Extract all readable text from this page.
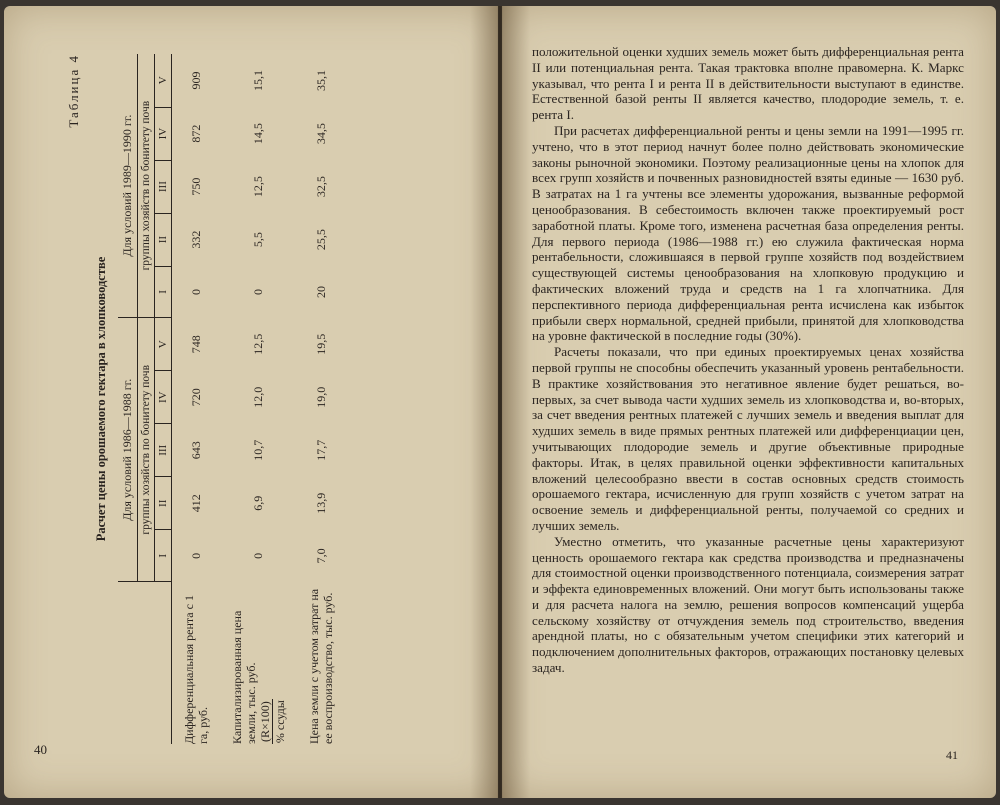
Таблица 4
Расчет цены орошаемого гектара в хлопководстве
	Для условий 1986—1988 гг.					Для условий 1989—1990 гг.				
	группы хозяйств по бонитету почв					группы хозяйств по бонитету почв				
	I	II	III	IV	V	I	II	III	IV	V
Дифференциальная рента с 1 га, руб.	0	412	643	720	748	0	332	750	872	909
Капитализированная цена земли, тыс. руб. (R×100) % ссуды	0	6,9	10,7	12,0	12,5	0	5,5	12,5	14,5	15,1
Цена земли с учетом затрат на ее воспроизводство, тыс. руб.	7,0	13,9	17,7	19,0	19,5	20	25,5	32,5	34,5	35,1
40

положительной оценки худших земель может быть дифференциальная рента II или потенциальная рента. Такая трактовка вполне правомерна. К. Маркс указывал, что рента I и рента II в действительности выступают в единстве. Естественной базой ренты II является качество, плодородие земель, т. е. рента I.

При расчетах дифференциальной ренты и цены земли на 1991—1995 гг. учтено, что в этот период начнут более полно действовать экономические законы рыночной экономики. Поэтому реализационные цены на хлопок для всех групп хозяйств и почвенных разновидностей взяты единые — 1630 руб. В затратах на 1 га учтены все элементы удорожания, вызванные реформой ценообразования. В себестоимость включен также проектируемый рост заработной платы. Кроме того, изменена расчетная база определения ренты. Для первого периода (1986—1988 гг.) ею служила фактическая норма рентабельности, сложившаяся в первой группе хозяйств под воздействием существующей системы ценообразования на хлопковую продукцию и фактических вложений труда и средств на 1 га хлопчатника. Для перспективного периода дифференциальная рента исчислена как избыток прибыли сверх нормальной, средней прибыли, принятой для хлопководства на уровне фактической в последние годы (30%).

Расчеты показали, что при единых проектируемых ценах хозяйства первой группы не способны обеспечить указанный уровень рентабельности. В практике хозяйствования это негативное явление будет решаться, во-первых, за счет вывода части худших земель из хлопководства и, во-вторых, за счет введения рентных платежей с лучших земель и введения выплат для худших земель в виде прямых рентных платежей или дифференциации цен, учитывающих плодородие земель и другие объективные природные факторы. Итак, в целях правильной оценки эффективности капитальных вложений целесообразно ввести в состав основных средств стоимость орошаемого гектара, исчисленную для групп хозяйств с учетом затрат на освоение земель и дифференциальной ренты, получаемой со средних и лучших земель.

Уместно отметить, что указанные расчетные цены характеризуют ценность орошаемого гектара как средства производства и предназначены для стоимостной оценки производственного потенциала, соизмерения затрат и эффекта единовременных вложений. Они могут быть использованы также и для расчета налога на землю, решения вопросов компенсаций ущерба сельскому хозяйству от отчуждения земель под строительство, введения арендной платы, но с обязательным учетом специфики этих категорий и подключением дополнительных факторов, отражающих постановку целевых задач.

41
